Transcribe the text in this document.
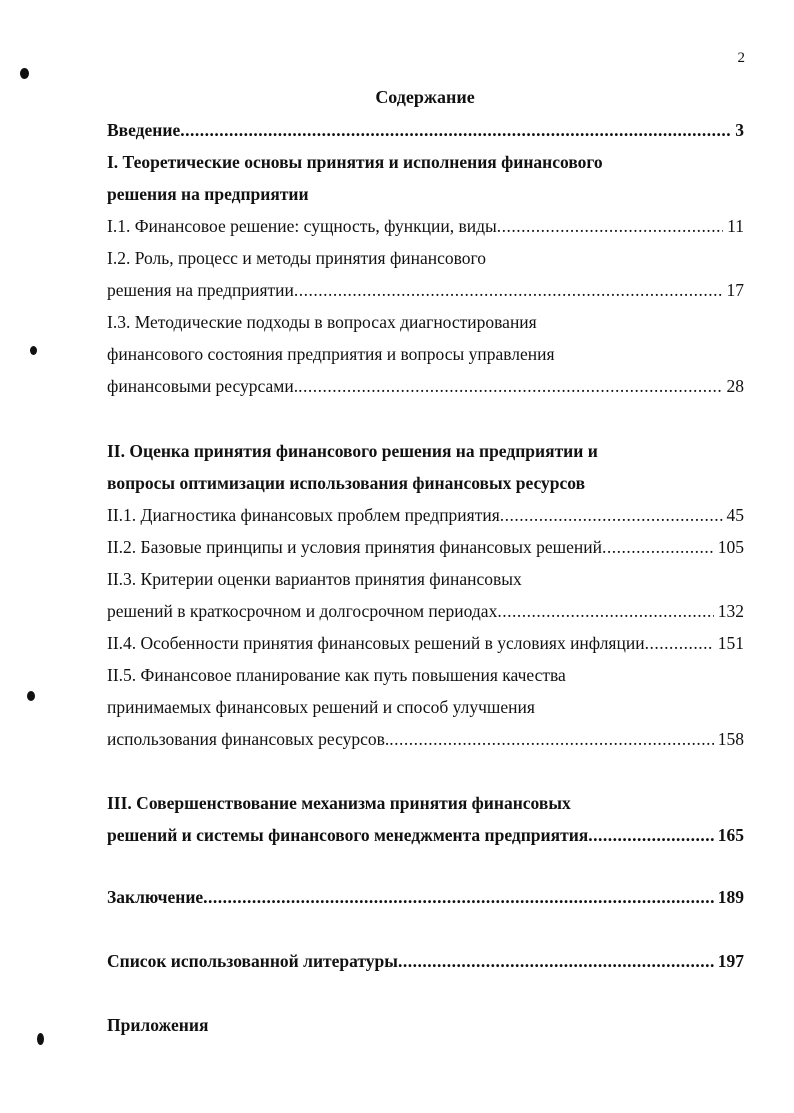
2
Содержание
Введение .....	3
I. Теоретические основы принятия и исполнения финансового
решения на предприятии
I.1. Финансовое решение: сущность, функции, виды .....	11
I.2. Роль, процесс и методы принятия финансового
решения на предприятии .....	17
I.3. Методические подходы в вопросах диагностирования
финансового состояния предприятия и вопросы управления
финансовыми ресурсами. .....	28
II. Оценка принятия финансового решения на предприятии и
вопросы оптимизации использования финансовых ресурсов
II.1. Диагностика финансовых проблем предприятия .....	45
II.2. Базовые принципы и условия принятия финансовых решений .....	105
II.3. Критерии оценки вариантов принятия финансовых
решений в краткосрочном и долгосрочном периодах .....	132
II.4. Особенности принятия финансовых решений в условиях инфляции .....	151
II.5. Финансовое планирование как путь повышения качества
принимаемых финансовых решений и способ улучшения
использования финансовых ресурсов. .....	158
III. Совершенствование механизма принятия финансовых
решений и системы финансового менеджмента предприятия .....	165
Заключение .....	189
Список использованной литературы .....	197
Приложения
